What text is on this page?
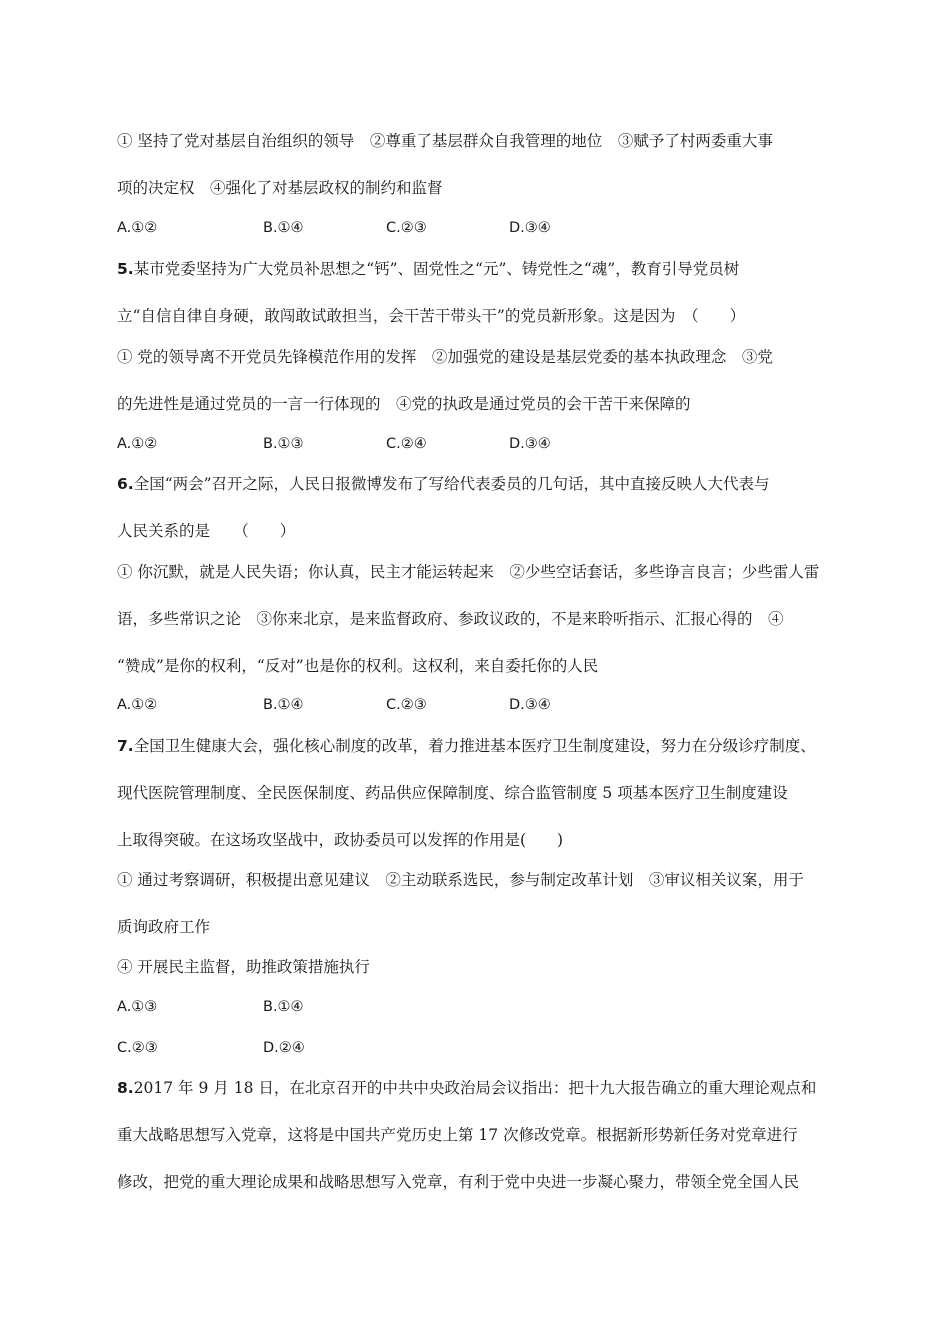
① 坚持了党对基层自治组织的领导　②尊重了基层群众自我管理的地位　③赋予了村两委重大事
项的决定权　④强化了对基层政权的制约和监督
A.①②	B.①④	C.②③	D.③④
5.某市党委坚持为广大党员补思想之“钙”、固党性之“元”、铸党性之“魂”，教育引导党员树
立“自信自律自身硬，敢闯敢试敢担当，会干苦干带头干”的党员新形象。这是因为　（　　）
① 党的领导离不开党员先锋模范作用的发挥　②加强党的建设是基层党委的基本执政理念　③党
的先进性是通过党员的一言一行体现的　④党的执政是通过党员的会干苦干来保障的
A.①②	B.①③	C.②④	D.③④
6.全国“两会”召开之际，人民日报微博发布了写给代表委员的几句话，其中直接反映人大代表与
人民关系的是　　（　　）
① 你沉默，就是人民失语；你认真，民主才能运转起来　②少些空话套话，多些诤言良言；少些雷人雷
语，多些常识之论　③你来北京，是来监督政府、参政议政的，不是来聆听指示、汇报心得的　④
“赞成”是你的权利，“反对”也是你的权利。这权利，来自委托你的人民
A.①②	B.①④	C.②③	D.③④
7.全国卫生健康大会，强化核心制度的改革，着力推进基本医疗卫生制度建设，努力在分级诊疗制度、
现代医院管理制度、全民医保制度、药品供应保障制度、综合监管制度 5 项基本医疗卫生制度建设
上取得突破。在这场攻坚战中，政协委员可以发挥的作用是(　　)
① 通过考察调研，积极提出意见建议　②主动联系选民，参与制定改革计划　③审议相关议案，用于
质询政府工作
④ 开展民主监督，助推政策措施执行
A.①③	B.①④
C.②③	D.②④
8.2017 年 9 月 18 日，在北京召开的中共中央政治局会议指出：把十九大报告确立的重大理论观点和
重大战略思想写入党章，这将是中国共产党历史上第 17 次修改党章。根据新形势新任务对党章进行
修改，把党的重大理论成果和战略思想写入党章，有利于党中央进一步凝心聚力，带领全党全国人民
